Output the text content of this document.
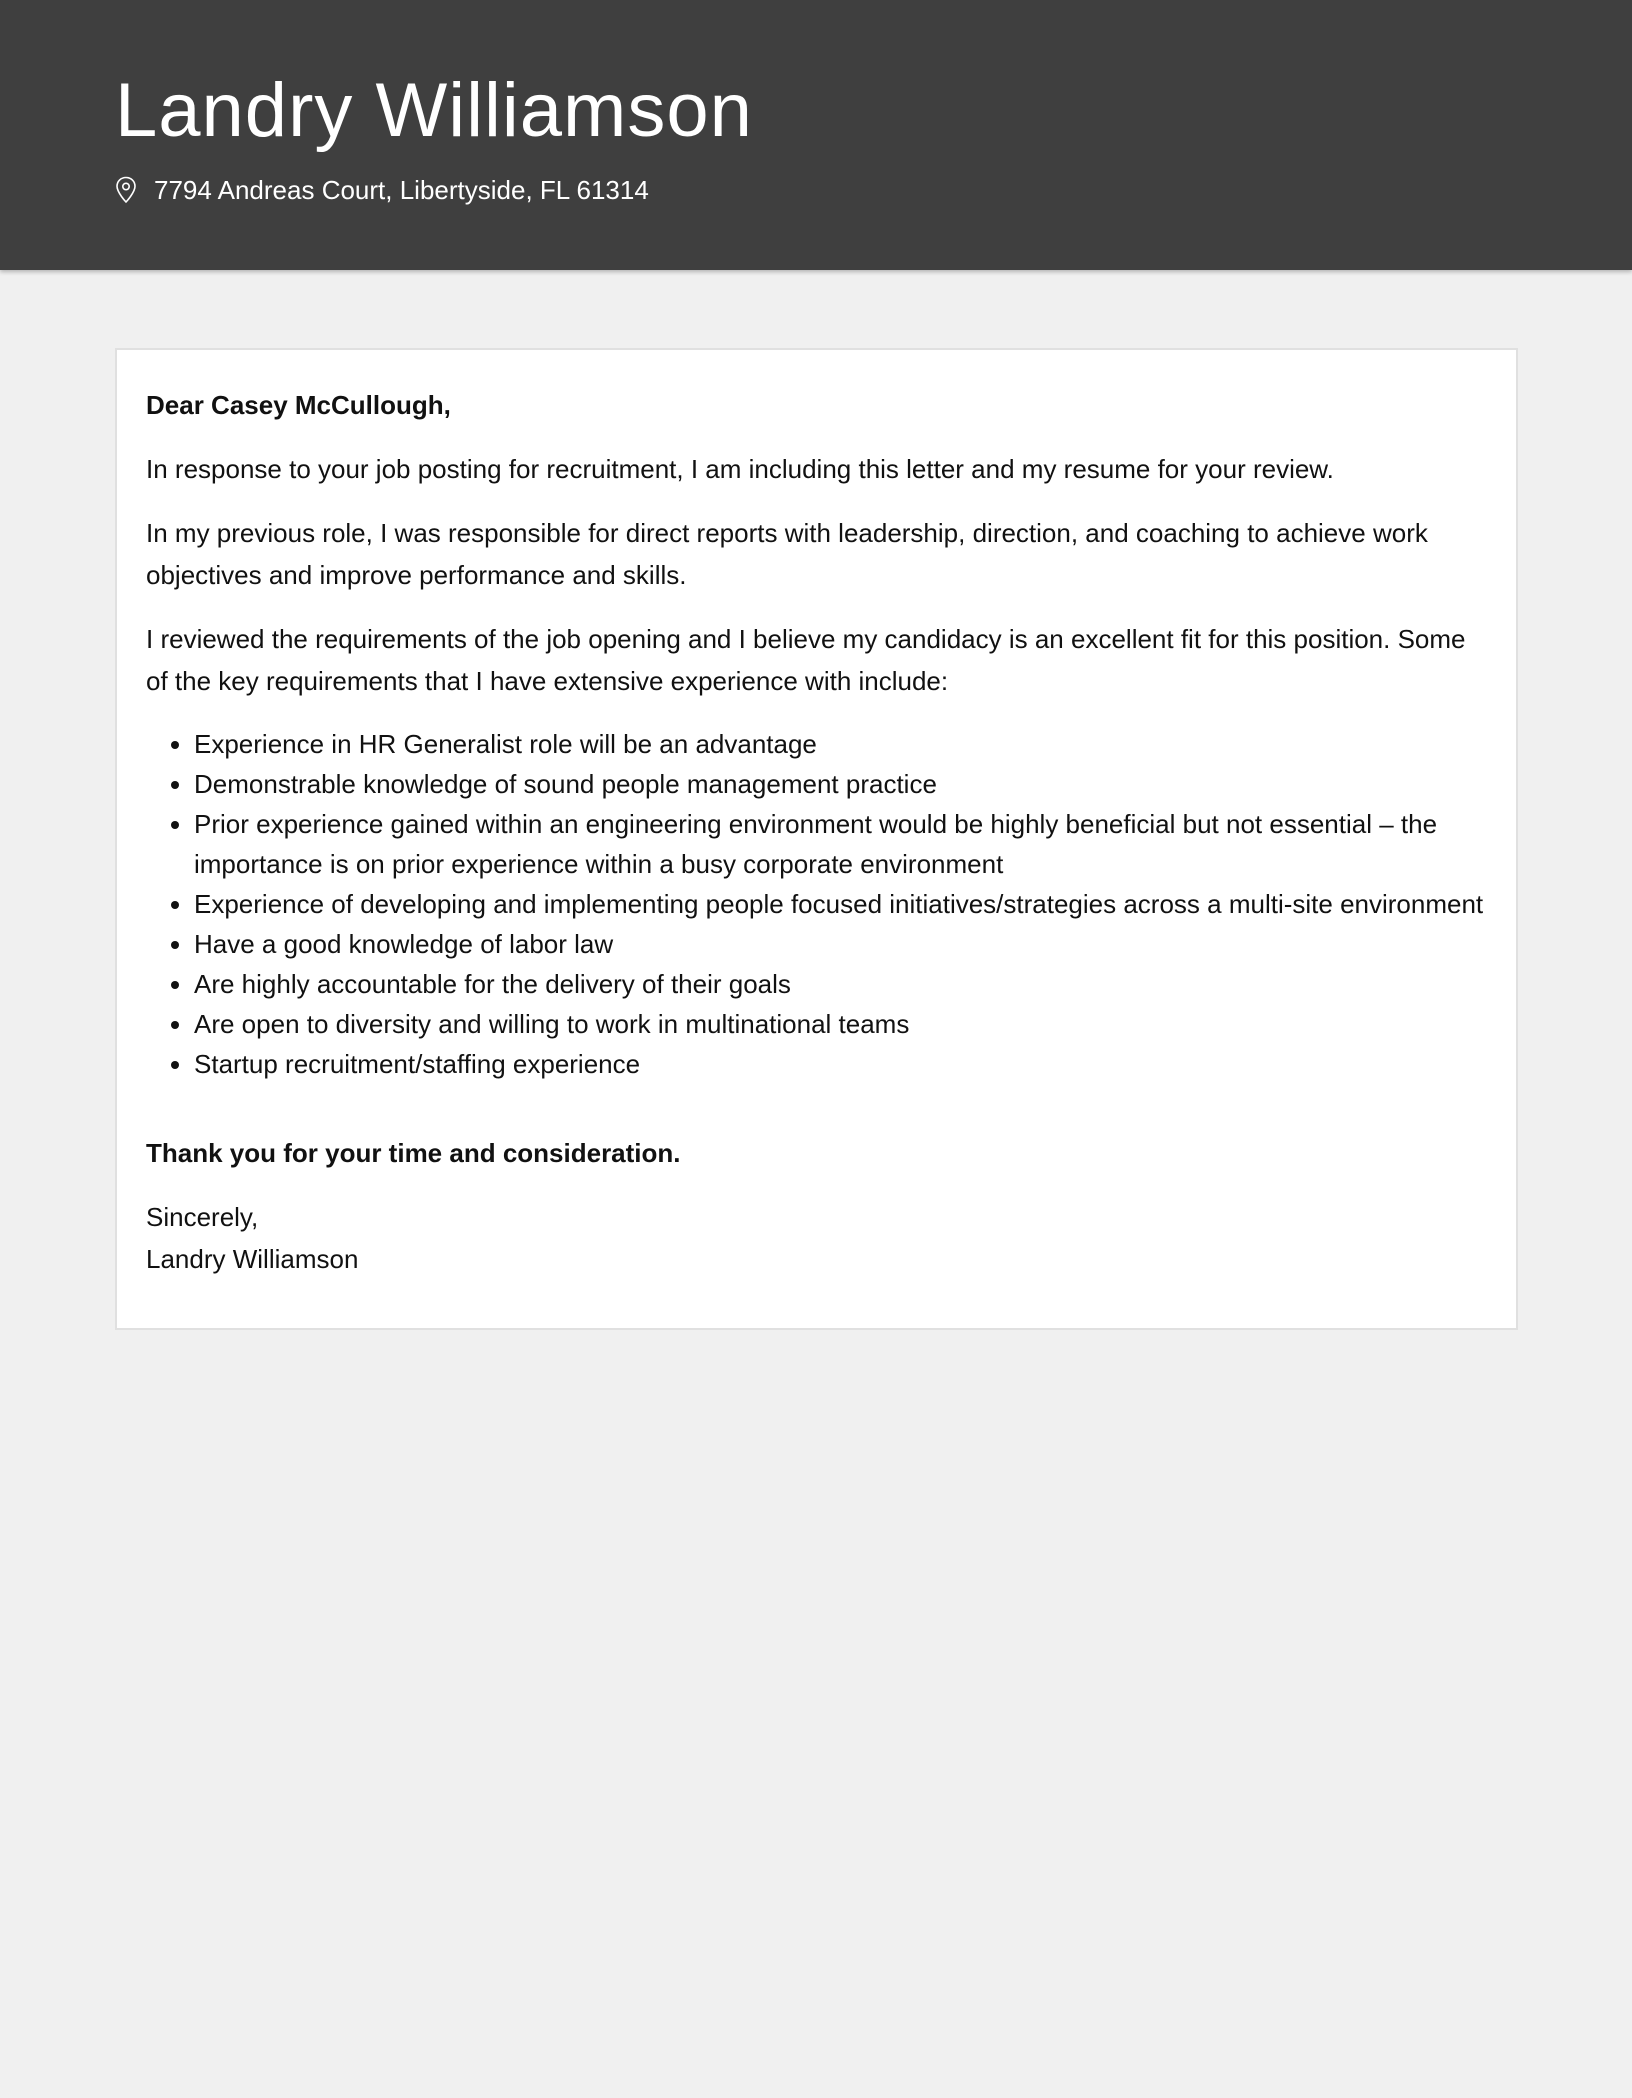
Landry Williamson
7794 Andreas Court, Libertyside, FL 61314

Dear Casey McCullough,

In response to your job posting for recruitment, I am including this letter and my resume for your review.

In my previous role, I was responsible for direct reports with leadership, direction, and coaching to achieve work objectives and improve performance and skills.

I reviewed the requirements of the job opening and I believe my candidacy is an excellent fit for this position. Some of the key requirements that I have extensive experience with include:

• Experience in HR Generalist role will be an advantage
• Demonstrable knowledge of sound people management practice
• Prior experience gained within an engineering environment would be highly beneficial but not essential – the importance is on prior experience within a busy corporate environment
• Experience of developing and implementing people focused initiatives/strategies across a multi-site environment
• Have a good knowledge of labor law
• Are highly accountable for the delivery of their goals
• Are open to diversity and willing to work in multinational teams
• Startup recruitment/staffing experience

Thank you for your time and consideration.

Sincerely,

Landry Williamson
